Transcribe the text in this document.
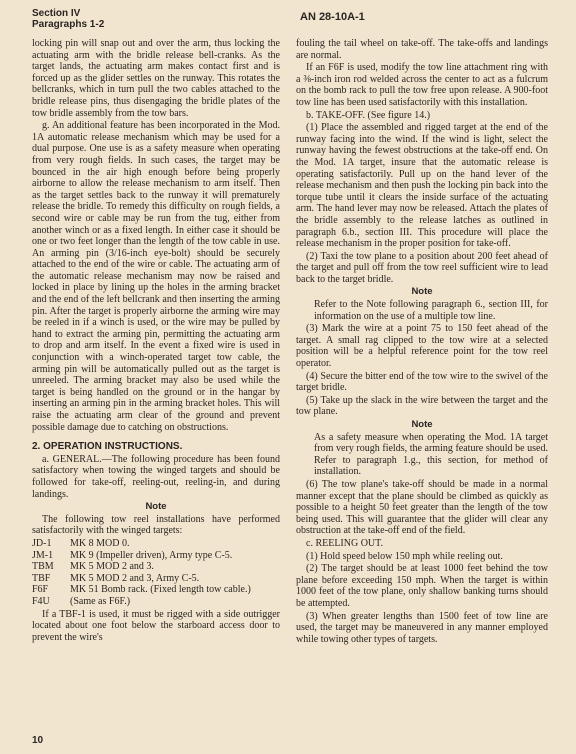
Section IV
Paragraphs 1-2
AN 28-10A-1

locking pin will snap out and over the arm, thus locking the actuating arm with the bridle release bell-cranks. As the target lands, the actuating arm makes contact first and is forced up as the glider settles on the runway. This rotates the bellcranks, which in turn pull the two cables attached to the bridle release pins, thus disengaging the bridle plates of the tow bridle assembly from the tow bars.

g. An additional feature has been incorporated in the Mod. 1A automatic release mechanism which may be used for a dual purpose. One use is as a safety measure when operating from very rough fields. In such cases, the target may be bounced in the air high enough before being properly airborne to allow the release mechanism to arm itself. Then as the target settles back to the runway it will prematurely release the bridle. To remedy this difficulty on rough fields, a second wire or cable may be run from the tug, either from another winch or as a fixed length. In either case it should be one or two feet longer than the length of the tow cable in use. An arming pin (3/16-inch eye-bolt) should be securely attached to the end of the wire or cable. The actuating arm of the automatic release mechanism may now be raised and locked in place by lining up the holes in the arming bracket and the end of the left bellcrank and then inserting the arming pin. After the target is properly airborne the arming wire may be reeled in if a winch is used, or the wire may be pulled by hand to extract the arming pin, permitting the actuating arm to drop and arm itself. In the event a fixed wire is used in conjunction with a winch-operated target tow cable, the arming pin will be automatically pulled out as the target is unreeled. The arming bracket may also be used while the target is being handled on the ground or in the hangar by inserting an arming pin in the arming bracket holes. This will raise the actuating arm clear of the ground and prevent possible damage due to catching on obstructions.

2. OPERATION INSTRUCTIONS.

a. GENERAL.—The following procedure has been found satisfactory when towing the winged targets and should be followed for take-off, reeling-out, reeling-in, and during landings.

Note

The following tow reel installations have performed satisfactorily with the winged targets:

JD-1	MK 8 MOD 0.
JM-1	MK 9 (Impeller driven), Army type C-5.
TBM	MK 5 MOD 2 and 3.
TBF	MK 5 MOD 2 and 3, Army C-5.
F6F	MK 51 Bomb rack. (Fixed length tow cable.)
F4U	(Same as F6F.)

If a TBF-1 is used, it must be rigged with a side outrigger located about one foot below the starboard access door to prevent the wire's

fouling the tail wheel on take-off. The take-offs and landings are normal.

If an F6F is used, modify the tow line attachment ring with a ⅜-inch iron rod welded across the center to act as a fulcrum on the bomb rack to pull the tow free upon release. A 900-foot tow line has been used satisfactorily with this installation.

b. TAKE-OFF. (See figure 14.)

(1) Place the assembled and rigged target at the end of the runway facing into the wind. If the wind is light, select the runway having the fewest obstructions at the take-off end. On the Mod. 1A target, insure that the automatic release is operating satisfactorily. Pull up on the hand lever of the release mechanism and then push the locking pin back into the torque tube until it clears the inside surface of the actuating arm. The hand lever may now be released. Attach the plates of the bridle assembly to the release latches as outlined in paragraph 6.b., section III. This procedure will place the release mechanism in the proper position for take-off.

(2) Taxi the tow plane to a position about 200 feet ahead of the target and pull off from the tow reel sufficient wire to lead back to the target bridle.

Note

Refer to the Note following paragraph 6., section III, for information on the use of a multiple tow line.

(3) Mark the wire at a point 75 to 150 feet ahead of the target. A small rag clipped to the tow wire at a selected position will be a helpful reference point for the tow reel operator.

(4) Secure the bitter end of the tow wire to the swivel of the target bridle.

(5) Take up the slack in the wire between the target and the tow plane.

Note

As a safety measure when operating the Mod. 1A target from very rough fields, the arming feature should be used. Refer to paragraph 1.g., this section, for method of installation.

(6) The tow plane's take-off should be made in a normal manner except that the plane should be climbed as quickly as possible to a height 50 feet greater than the length of the tow being used. This will guarantee that the glider will clear any obstruction at the take-off end of the field.

c. REELING OUT.

(1) Hold speed below 150 mph while reeling out.

(2) The target should be at least 1000 feet behind the tow plane before exceeding 150 mph. When the target is within 1000 feet of the tow plane, only shallow banking turns should be attempted.

(3) When greater lengths than 1500 feet of tow line are used, the target may be maneuvered in any manner employed while towing other types of targets.

10
